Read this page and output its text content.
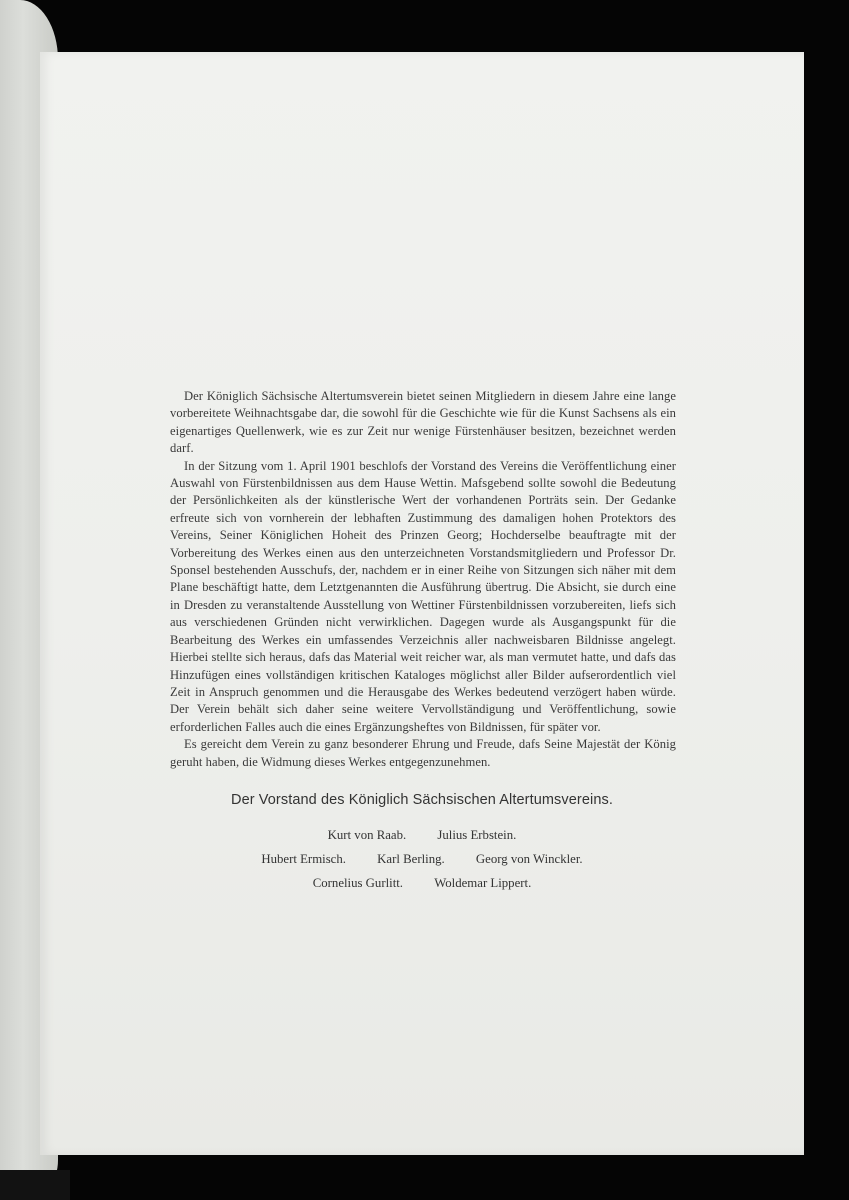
Der Königlich Sächsische Altertumsverein bietet seinen Mitgliedern in diesem Jahre eine lange vorbereitete Weihnachtsgabe dar, die sowohl für die Geschichte wie für die Kunst Sachsens als ein eigenartiges Quellenwerk, wie es zur Zeit nur wenige Fürstenhäuser besitzen, bezeichnet werden darf.

In der Sitzung vom 1. April 1901 beschlofs der Vorstand des Vereins die Veröffentlichung einer Auswahl von Fürstenbildnissen aus dem Hause Wettin. Mafsgebend sollte sowohl die Bedeutung der Persönlichkeiten als der künstlerische Wert der vorhandenen Porträts sein. Der Gedanke erfreute sich von vornherein der lebhaften Zustimmung des damaligen hohen Protektors des Vereins, Seiner Königlichen Hoheit des Prinzen Georg; Hochderselbe beauftragte mit der Vorbereitung des Werkes einen aus den unterzeichneten Vorstandsmitgliedern und Professor Dr. Sponsel bestehenden Ausschufs, der, nachdem er in einer Reihe von Sitzungen sich näher mit dem Plane beschäftigt hatte, dem Letztgenannten die Ausführung übertrug. Die Absicht, sie durch eine in Dresden zu veranstaltende Ausstellung von Wettiner Fürstenbildnissen vorzubereiten, liefs sich aus verschiedenen Gründen nicht verwirklichen. Dagegen wurde als Ausgangspunkt für die Bearbeitung des Werkes ein umfassendes Verzeichnis aller nachweisbaren Bildnisse angelegt. Hierbei stellte sich heraus, dafs das Material weit reicher war, als man vermutet hatte, und dafs das Hinzufügen eines vollständigen kritischen Kataloges möglichst aller Bilder aufserordentlich viel Zeit in Anspruch genommen und die Herausgabe des Werkes bedeutend verzögert haben würde. Der Verein behält sich daher seine weitere Vervollständigung und Veröffentlichung, sowie erforderlichen Falles auch die eines Ergänzungsheftes von Bildnissen, für später vor.

Es gereicht dem Verein zu ganz besonderer Ehrung und Freude, dafs Seine Majestät der König geruht haben, die Widmung dieses Werkes entgegenzunehmen.

Der Vorstand des Königlich Sächsischen Altertumsvereins.
Kurt von Raab. Julius Erbstein.
Hubert Ermisch. Karl Berling. Georg von Winckler.
Cornelius Gurlitt. Woldemar Lippert.
